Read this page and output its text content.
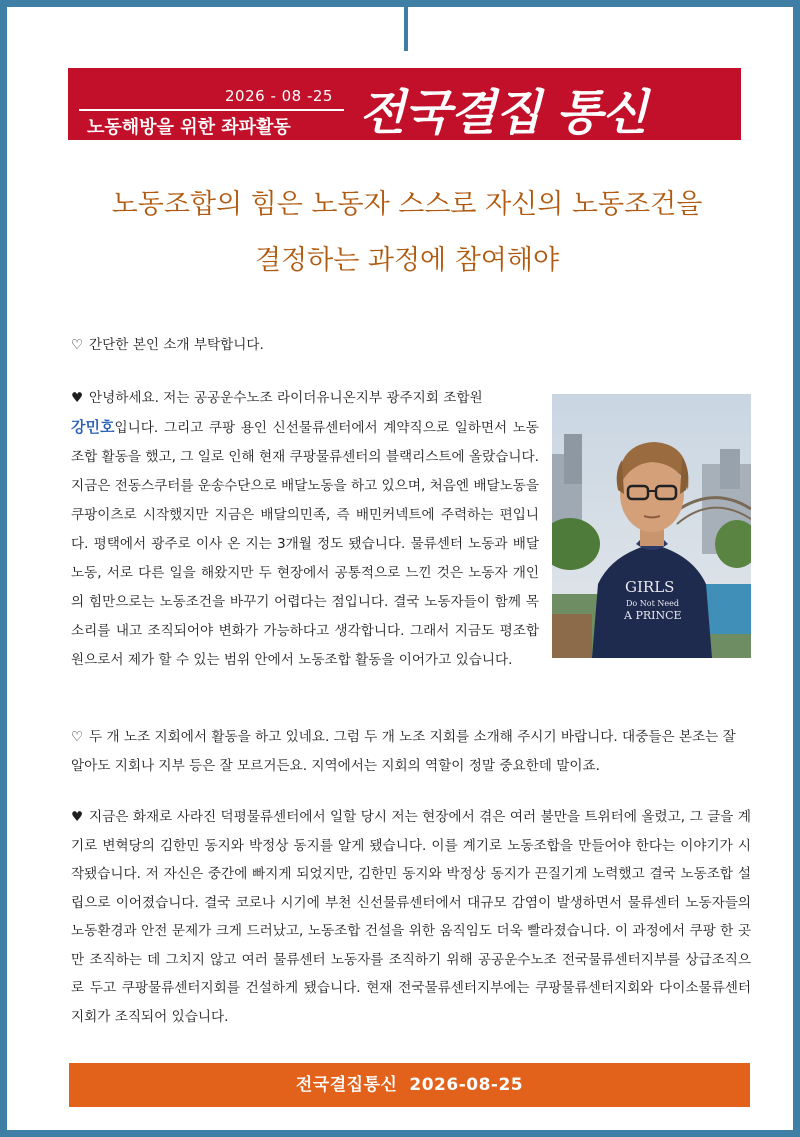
2026 - 08 -25
노동해방을 위한 좌파활동 전국결집 통신
노동조합의 힘은 노동자 스스로 자신의 노동조건을
결정하는 과정에 참여해야
♡ 간단한 본인 소개 부탁합니다.

♥ 안녕하세요. 저는 공공운수노조 라이더유니온지부 광주지회 조합원
강민호입니다. 그리고 쿠팡 용인 신선물류센터에서 계약직으로 일하면서 노동조합 활동을 했고, 그 일로 인해 현재 쿠팡물류센터의 블랙리스트에 올랐습니다. 지금은 전동스쿠터를 운송수단으로 배달노동을 하고 있으며, 처음엔 배달노동을 쿠팡이츠로 시작했지만 지금은 배달의민족, 즉 배민커넥트에 주력하는 편입니다. 평택에서 광주로 이사 온 지는 3개월 정도 됐습니다. 물류센터 노동과 배달노동, 서로 다른 일을 해왔지만 두 현장에서 공통적으로 느낀 것은 노동자 개인의 힘만으로는 노동조건을 바꾸기 어렵다는 점입니다. 결국 노동자들이 함께 목소리를 내고 조직되어야 변화가 가능하다고 생각합니다. 그래서 지금도 평조합원으로서 제가 할 수 있는 범위 안에서 노동조합 활동을 이어가고 있습니다.
GIRLS
Do Not Need
A PRINCE
♡ 두 개 노조 지회에서 활동을 하고 있네요. 그럼 두 개 노조 지회를 소개해 주시기 바랍니다. 대중들은 본조는 잘 알아도 지회나 지부 등은 잘 모르거든요. 지역에서는 지회의 역할이 정말 중요한데 말이죠.
♥ 지금은 화재로 사라진 덕평물류센터에서 일할 당시 저는 현장에서 겪은 여러 불만을 트위터에 올렸고, 그 글을 계기로 변혁당의 김한민 동지와 박정상 동지를 알게 됐습니다. 이를 계기로 노동조합을 만들어야 한다는 이야기가 시작됐습니다. 저 자신은 중간에 빠지게 되었지만, 김한민 동지와 박정상 동지가 끈질기게 노력했고 결국 노동조합 설립으로 이어졌습니다. 결국 코로나 시기에 부천 신선물류센터에서 대규모 감염이 발생하면서 물류센터 노동자들의 노동환경과 안전 문제가 크게 드러났고, 노동조합 건설을 위한 움직임도 더욱 빨라졌습니다. 이 과정에서 쿠팡 한 곳만 조직하는 데 그치지 않고 여러 물류센터 노동자를 조직하기 위해 공공운수노조 전국물류센터지부를 상급조직으로 두고 쿠팡물류센터지회를 건설하게 됐습니다. 현재 전국물류센터지부에는 쿠팡물류센터지회와 다이소물류센터지회가 조직되어 있습니다.
전국결집통신 2026-08-25
